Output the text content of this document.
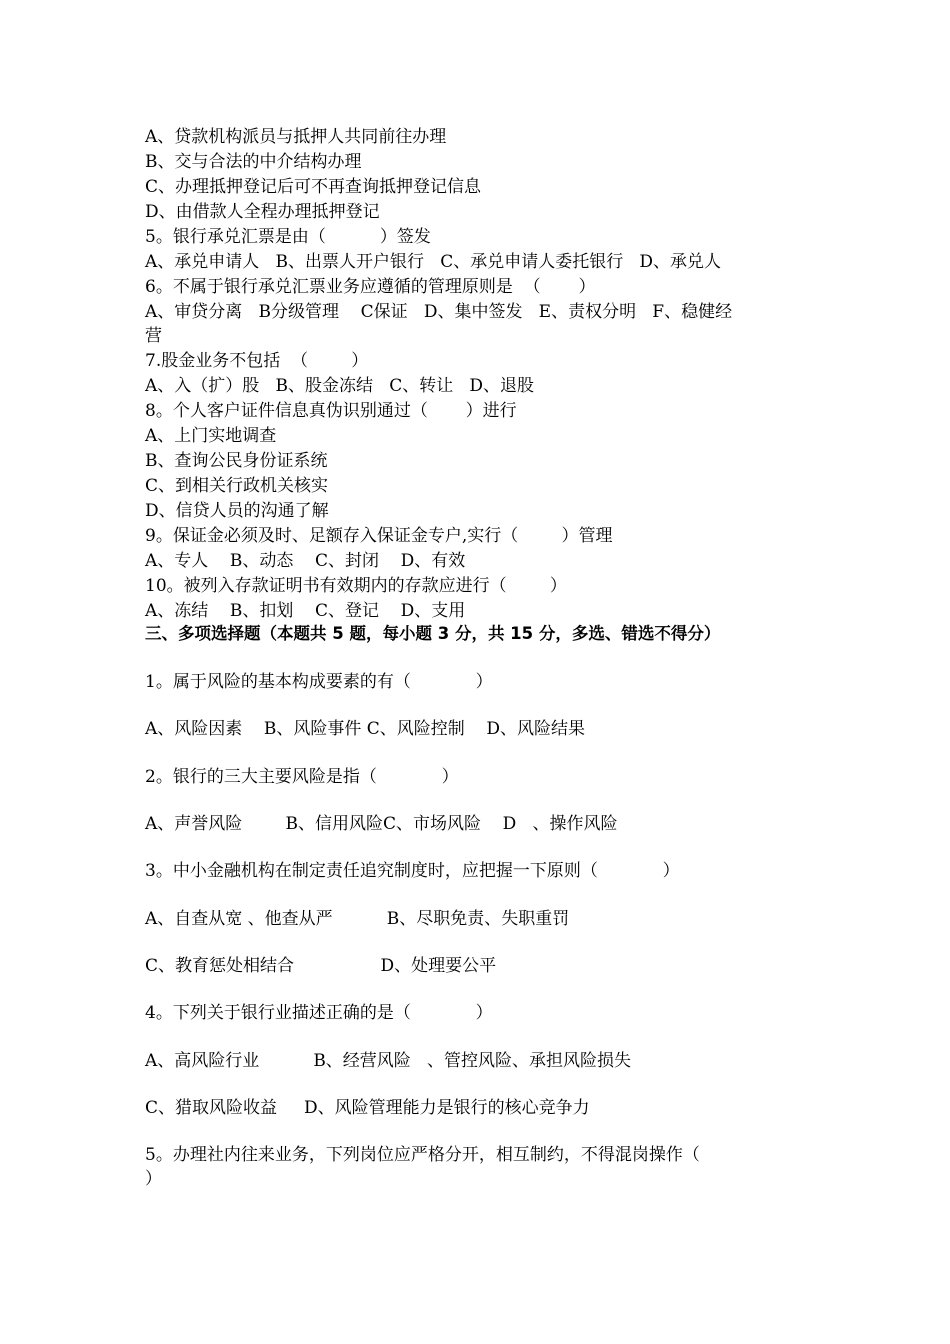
A、贷款机构派员与抵押人共同前往办理
B、交与合法的中介结构办理
C、办理抵押登记后可不再查询抵押登记信息
D、由借款人全程办理抵押登记
5。银行承兑汇票是由（          ）签发
A、承兑申请人   B、出票人开户银行   C、承兑申请人委托银行   D、承兑人
6。不属于银行承兑汇票业务应遵循的管理原则是  （       ）
A、审贷分离   B分级管理    C保证   D、集中签发   E、责权分明   F、稳健经
营
7.股金业务不包括  （        ）
A、入（扩）股   B、股金冻结   C、转让   D、退股
8。个人客户证件信息真伪识别通过（       ）进行
A、上门实地调查
B、查询公民身份证系统
C、到相关行政机关核实
D、信贷人员的沟通了解
9。保证金必须及时、足额存入保证金专户,实行（        ）管理
A、专人    B、动态    C、封闭    D、有效
10。被列入存款证明书有效期内的存款应进行（        ）
A、冻结    B、扣划    C、登记    D、支用
三、多项选择题（本题共 5 题，每小题 3 分，共 15 分，多选、错选不得分）
1。属于风险的基本构成要素的有（            ）
A、风险因素    B、风险事件 C、风险控制    D、风险结果
2。银行的三大主要风险是指（            ）
A、声誉风险        B、信用风险C、市场风险    D   、操作风险
3。中小金融机构在制定责任追究制度时，应把握一下原则（            ）
A、自查从宽 、他查从严          B、尽职免责、失职重罚
C、教育惩处相结合                D、处理要公平
4。下列关于银行业描述正确的是（            ）
A、高风险行业          B、经营风险   、管控风险、承担风险损失
C、猎取风险收益     D、风险管理能力是银行的核心竞争力
5。办理社内往来业务，下列岗位应严格分开，相互制约，不得混岗操作（
）
